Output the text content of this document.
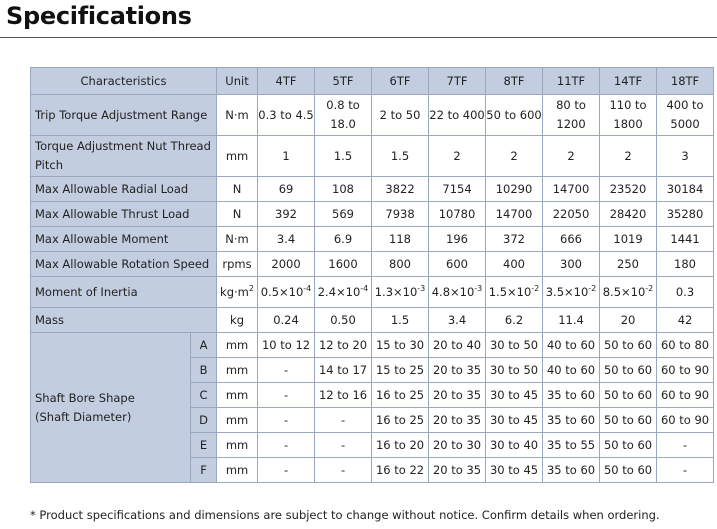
Specifications
Characteristics		Unit	4TF	5TF	6TF	7TF	8TF	11TF	14TF	18TF
Trip Torque Adjustment Range		N·m	0.3 to 4.5	0.8 to 18.0	2 to 50	22 to 400	50 to 600	80 to 1200	110 to 1800	400 to 5000
Torque Adjustment Nut Thread Pitch		mm	1	1.5	1.5	2	2	2	2	3
Max Allowable Radial Load		N	69	108	3822	7154	10290	14700	23520	30184
Max Allowable Thrust Load		N	392	569	7938	10780	14700	22050	28420	35280
Max Allowable Moment		N·m	3.4	6.9	118	196	372	666	1019	1441
Max Allowable Rotation Speed		rpms	2000	1600	800	600	400	300	250	180
Moment of Inertia		$kg\cdot m^2$	$0.5\times 10^{-4}$	$2.4\times 10^{-4}$	$1.3\times 10^{-3}$	$4.8\times 10^{-3}$	$1.5\times 10^{-2}$	$3.5\times 10^{-2}$	$8.5\times 10^{-2}$	0.3
Mass		kg	0.24	0.50	1.5	3.4	6.2	11.4	20	42

Shaft Bore Shape
(Shaft Diameter)	A	mm	10 to 12	12 to 20	15 to 30	20 to 40	30 to 50	40 to 60	50 to 60	60 to 80
	B	mm	-	14 to 17	15 to 25	20 to 35	30 to 50	40 to 60	50 to 60	60 to 90
	C	mm	-	12 to 16	16 to 25	20 to 35	30 to 45	35 to 60	50 to 60	60 to 90
	D	mm	-	-	16 to 25	20 to 35	30 to 45	35 to 60	50 to 60	60 to 90
	E	mm	-	-	16 to 20	20 to 30	30 to 40	35 to 55	50 to 60	-
	F	mm	-	-	16 to 22	20 to 35	30 to 45	35 to 60	50 to 60	-
* Product specifications and dimensions are subject to change without notice. Confirm details when ordering.
